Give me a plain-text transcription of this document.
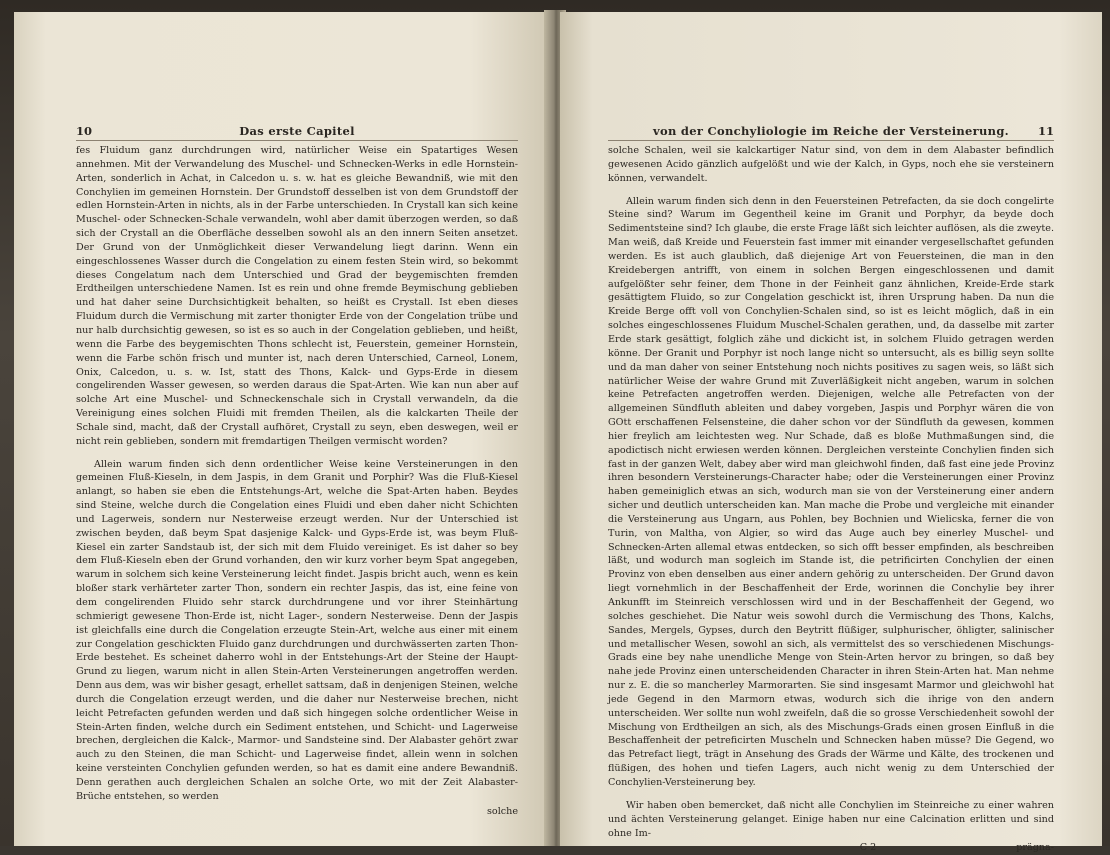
10	Das erste Capitel

fes Fluidum ganz durchdrungen wird, natürlicher Weise ein Spatartiges Wesen annehmen. Mit der Verwandelung des Muschel- und Schnecken-Werks in edle Hornstein-Arten, sonderlich in Achat, in Calcedon u. s. w. hat es gleiche Bewandniß, wie mit den Conchylien im gemeinen Hornstein. Der Grundstoff desselben ist von dem Grundstoff der edlen Hornstein-Arten in nichts, als in der Farbe unterschieden. In Crystall kan sich keine Muschel- oder Schnecken-Schale verwandeln, wohl aber damit überzogen werden, so daß sich der Crystall an die Oberfläche desselben sowohl als an den innern Seiten ansetzet. Der Grund von der Unmöglichkeit dieser Verwandelung liegt darinn. Wenn ein eingeschlossenes Wasser durch die Congelation zu einem festen Stein wird, so bekommt dieses Congelatum nach dem Unterschied und Grad der beygemischten fremden Erdtheilgen unterschiedene Namen. Ist es rein und ohne fremde Beymischung geblieben und hat daher seine Durchsichtigkeit behalten, so heißt es Crystall. Ist eben dieses Fluidum durch die Vermischung mit zarter thonigter Erde von der Congelation trübe und nur halb durchsichtig gewesen, so ist es so auch in der Congelation geblieben, und heißt, wenn die Farbe des beygemischten Thons schlecht ist, Feuerstein, gemeiner Hornstein, wenn die Farbe schön frisch und munter ist, nach deren Unterschied, Carneol, Lonem, Onix, Calcedon, u. s. w. Ist, statt des Thons, Kalck- und Gyps-Erde in diesem congelirenden Wasser gewesen, so werden daraus die Spat-Arten. Wie kan nun aber auf solche Art eine Muschel- und Schneckenschale sich in Crystall verwandeln, da die Vereinigung eines solchen Fluidi mit fremden Theilen, als die kalckarten Theile der Schale sind, macht, daß der Crystall aufhöret, Crystall zu seyn, eben deswegen, weil er nicht rein geblieben, sondern mit fremdartigen Theilgen vermischt worden?

Allein warum finden sich denn ordentlicher Weise keine Versteinerungen in den gemeinen Fluß-Kieseln, in dem Jaspis, in dem Granit und Porphir? Was die Fluß-Kiesel anlangt, so haben sie eben die Entstehungs-Art, welche die Spat-Arten haben. Beydes sind Steine, welche durch die Congelation eines Fluidi und eben daher nicht Schichten und Lagerweis, sondern nur Nesterweise erzeugt werden. Nur der Unterschied ist zwischen beyden, daß beym Spat dasjenige Kalck- und Gyps-Erde ist, was beym Fluß-Kiesel ein zarter Sandstaub ist, der sich mit dem Fluido vereiniget. Es ist daher so bey dem Fluß-Kieseln eben der Grund vorhanden, den wir kurz vorher beym Spat angegeben, warum in solchem sich keine Versteinerung leicht findet. Jaspis bricht auch, wenn es kein bloßer stark verhärteter zarter Thon, sondern ein rechter Jaspis, das ist, eine feine von dem congelirenden Fluido sehr starck durchdrungene und vor ihrer Steinhärtung schmierigt gewesene Thon-Erde ist, nicht Lager-, sondern Nesterweise. Denn der Jaspis ist gleichfalls eine durch die Congelation erzeugte Stein-Art, welche aus einer mit einem zur Congelation geschickten Fluido ganz durchdrungen und durchwässerten zarten Thon-Erde bestehet. Es scheinet daherro wohl in der Entstehungs-Art der Steine der Haupt-Grund zu liegen, warum nicht in allen Stein-Arten Versteinerungen angetroffen werden. Denn aus dem, was wir bisher gesagt, erhellet sattsam, daß in denjenigen Steinen, welche durch die Congelation erzeugt werden, und die daher nur Nesterweise brechen, nicht leicht Petrefacten gefunden werden und daß sich hingegen solche ordentlicher Weise in Stein-Arten finden, welche durch ein Sediment entstehen, und Schicht- und Lagerweise brechen, dergleichen die Kalck-, Marmor- und Sandsteine sind. Der Alabaster gehört zwar auch zu den Steinen, die man Schicht- und Lagerweise findet, allein wenn in solchen keine versteinten Conchylien gefunden werden, so hat es damit eine andere Bewandniß. Denn gerathen auch dergleichen Schalen an solche Orte, wo mit der Zeit Alabaster-Brüche entstehen, so werden

solche
von der Conchyliologie im Reiche der Versteinerung.	11

solche Schalen, weil sie kalckartiger Natur sind, von dem in dem Alabaster befindlich gewesenen Acido gänzlich aufgelößt und wie der Kalch, in Gyps, noch ehe sie versteinern können, verwandelt.

Allein warum finden sich denn in den Feuersteinen Petrefacten, da sie doch congelirte Steine sind? Warum im Gegentheil keine im Granit und Porphyr, da beyde doch Sedimentsteine sind? Ich glaube, die erste Frage läßt sich leichter auflösen, als die zweyte. Man weiß, daß Kreide und Feuerstein fast immer mit einander vergesellschaftet gefunden werden. Es ist auch glaublich, daß diejenige Art von Feuersteinen, die man in den Kreidebergen antrifft, von einem in solchen Bergen eingeschlossenen und damit aufgelößter sehr feiner, dem Thone in der Feinheit ganz ähnlichen, Kreide-Erde stark gesättigtem Fluido, so zur Congelation geschickt ist, ihren Ursprung haben. Da nun die Kreide Berge offt voll von Conchylien-Schalen sind, so ist es leicht möglich, daß in ein solches eingeschlossenes Fluidum Muschel-Schalen gerathen, und, da dasselbe mit zarter Erde stark gesättigt, folglich zähe und dickicht ist, in solchem Fluido getragen werden könne. Der Granit und Porphyr ist noch lange nicht so untersucht, als es billig seyn sollte und da man daher von seiner Entstehung noch nichts positives zu sagen weis, so läßt sich natürlicher Weise der wahre Grund mit Zuverläßigkeit nicht angeben, warum in solchen keine Petrefacten angetroffen werden. Diejenigen, welche alle Petrefacten von der allgemeinen Sündfluth ableiten und dabey vorgeben, Jaspis und Porphyr wären die von GOtt erschaffenen Felsensteine, die daher schon vor der Sündfluth da gewesen, kommen hier freylich am leichtesten weg. Nur Schade, daß es bloße Muthmaßungen sind, die apodictisch nicht erwiesen werden können. Dergleichen versteinte Conchylien finden sich fast in der ganzen Welt, dabey aber wird man gleichwohl finden, daß fast eine jede Provinz ihren besondern Versteinerungs-Character habe; oder die Versteinerungen einer Provinz haben gemeiniglich etwas an sich, wodurch man sie von der Versteinerung einer andern sicher und deutlich unterscheiden kan. Man mache die Probe und vergleiche mit einander die Versteinerung aus Ungarn, aus Pohlen, bey Bochnien und Wielicska, ferner die von Turin, von Maltha, von Algier, so wird das Auge auch bey einerley Muschel- und Schnecken-Arten allemal etwas entdecken, so sich offt besser empfinden, als beschreiben läßt, und wodurch man sogleich im Stande ist, die petrificirten Conchylien der einen Provinz von eben denselben aus einer andern gehörig zu unterscheiden. Der Grund davon liegt vornehmlich in der Beschaffenheit der Erde, worinnen die Conchylie bey ihrer Ankunfft im Steinreich verschlossen wird und in der Beschaffenheit der Gegend, wo solches geschiehet. Die Natur weis sowohl durch die Vermischung des Thons, Kalchs, Sandes, Mergels, Gypses, durch den Beytritt flüßiger, sulphurischer, öhligter, salinischer und metallischer Wesen, sowohl an sich, als vermittelst des so verschiedenen Mischungs-Grads eine bey nahe unendliche Menge von Stein-Arten hervor zu bringen, so daß bey nahe jede Provinz einen unterscheidenden Character in ihren Stein-Arten hat. Man nehme nur z. E. die so mancherley Marmorarten. Sie sind insgesamt Marmor und gleichwohl hat jede Gegend in den Marmorn etwas, wodurch sich die ihrige von den andern unterscheiden. Wer sollte nun wohl zweifeln, daß die so grosse Verschiedenheit sowohl der Mischung von Erdtheilgen an sich, als des Mischungs-Grads einen grosen Einfluß in die Beschaffenheit der petreficirten Muscheln und Schnecken haben müsse? Die Gegend, wo das Petrefact liegt, trägt in Ansehung des Grads der Wärme und Kälte, des trockenen und flüßigen, des hohen und tiefen Lagers, auch nicht wenig zu dem Unterschied der Conchylien-Versteinerung bey.

Wir haben oben bemercket, daß nicht alle Conchylien im Steinreiche zu einer wahren und ächten Versteinerung gelanget. Einige haben nur eine Calcination erlitten und sind ohne Im-

C 2	prägna-
